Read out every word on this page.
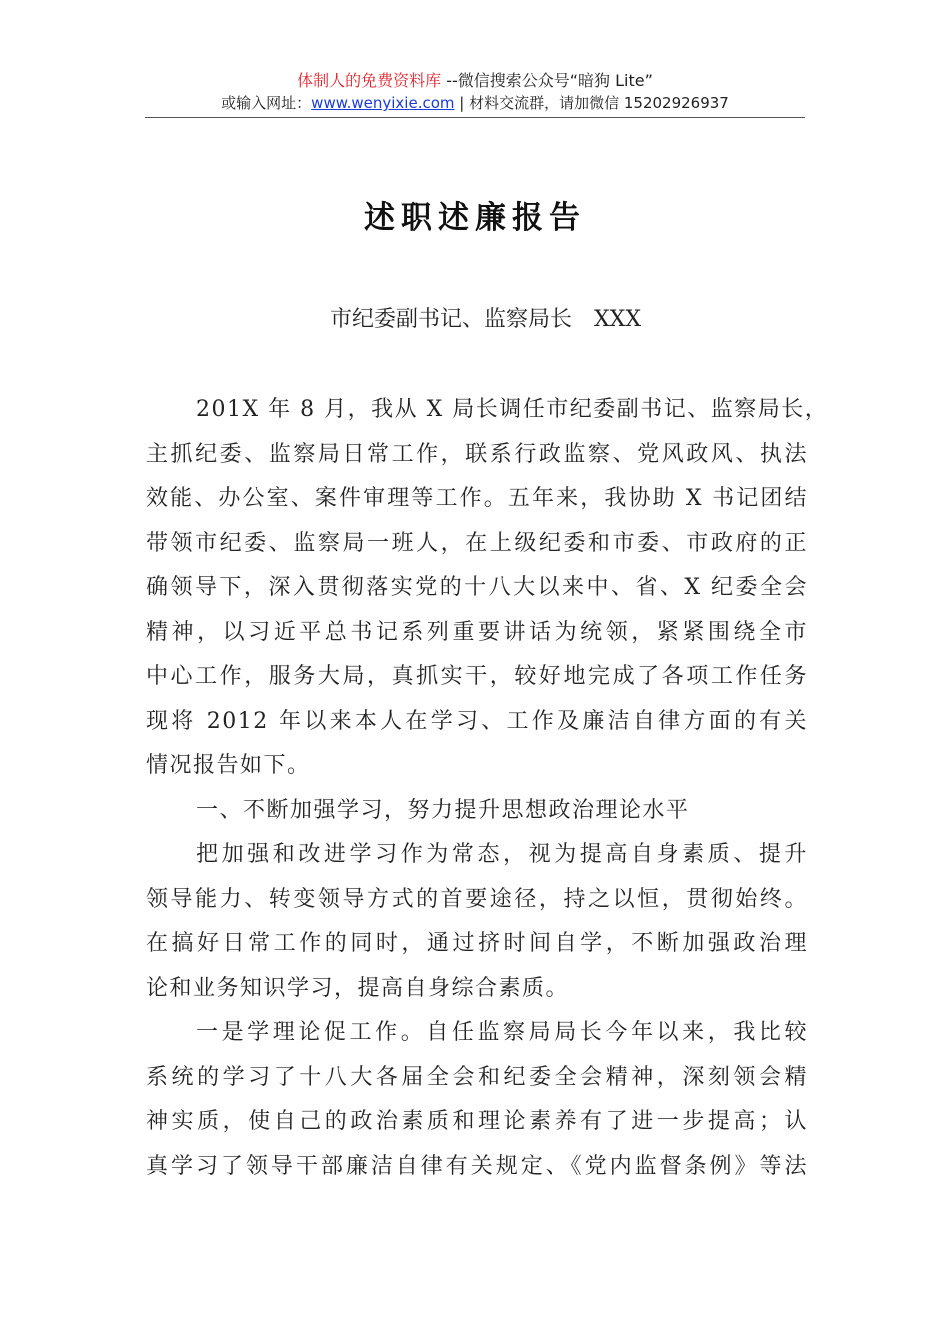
体制人的免费资料库 --微信搜索公众号“暗狗 Lite”
或输入网址：www.wenyixie.com | 材料交流群，请加微信 15202926937
述职述廉报告
市纪委副书记、监察局长　XXX

201X 年 8 月，我从 X 局长调任市纪委副书记、监察局长，
主抓纪委、监察局日常工作，联系行政监察、党风政风、执法
效能、办公室、案件审理等工作。五年来，我协助 X 书记团结
带领市纪委、监察局一班人，在上级纪委和市委、市政府的正
确领导下，深入贯彻落实党的十八大以来中、省、X 纪委全会
精神，以习近平总书记系列重要讲话为统领，紧紧围绕全市
中心工作，服务大局，真抓实干，较好地完成了各项工作任务
现将 2012 年以来本人在学习、工作及廉洁自律方面的有关
情况报告如下。

一、不断加强学习，努力提升思想政治理论水平

把加强和改进学习作为常态，视为提高自身素质、提升
领导能力、转变领导方式的首要途径，持之以恒，贯彻始终。
在搞好日常工作的同时，通过挤时间自学，不断加强政治理
论和业务知识学习，提高自身综合素质。

一是学理论促工作。自任监察局局长今年以来，我比较
系统的学习了十八大各届全会和纪委全会精神，深刻领会精
神实质，使自己的政治素质和理论素养有了进一步提高；认
真学习了领导干部廉洁自律有关规定、《党内监督条例》等法
